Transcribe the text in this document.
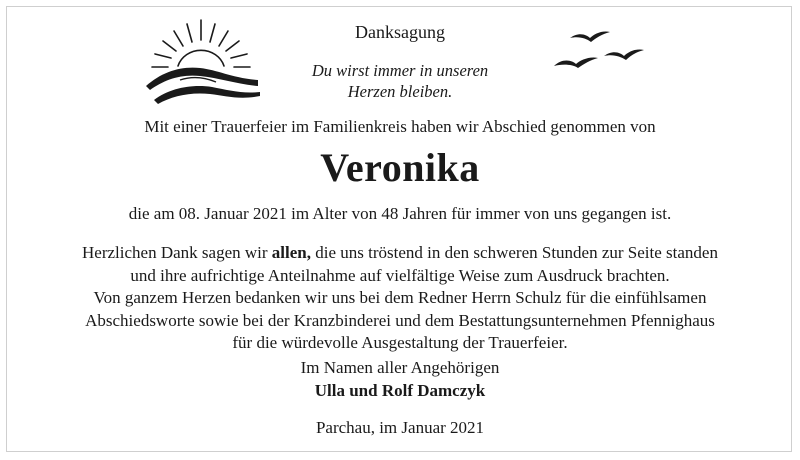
Danksagung
Du wirst immer in unseren
Herzen bleiben.
Mit einer Trauerfeier im Familienkreis haben wir Abschied genommen von
Veronika
die am 08. Januar 2021 im Alter von 48 Jahren für immer von uns gegangen ist.
Herzlichen Dank sagen wir allen, die uns tröstend in den schweren Stunden zur Seite standen
und ihre aufrichtige Anteilnahme auf vielfältige Weise zum Ausdruck brachten.
Von ganzem Herzen bedanken wir uns bei dem Redner Herrn Schulz für die einfühlsamen
Abschiedsworte sowie bei der Kranzbinderei und dem Bestattungsunternehmen Pfennighaus
für die würdevolle Ausgestaltung der Trauerfeier.
Im Namen aller Angehörigen
Ulla und Rolf Damczyk
Parchau, im Januar 2021
